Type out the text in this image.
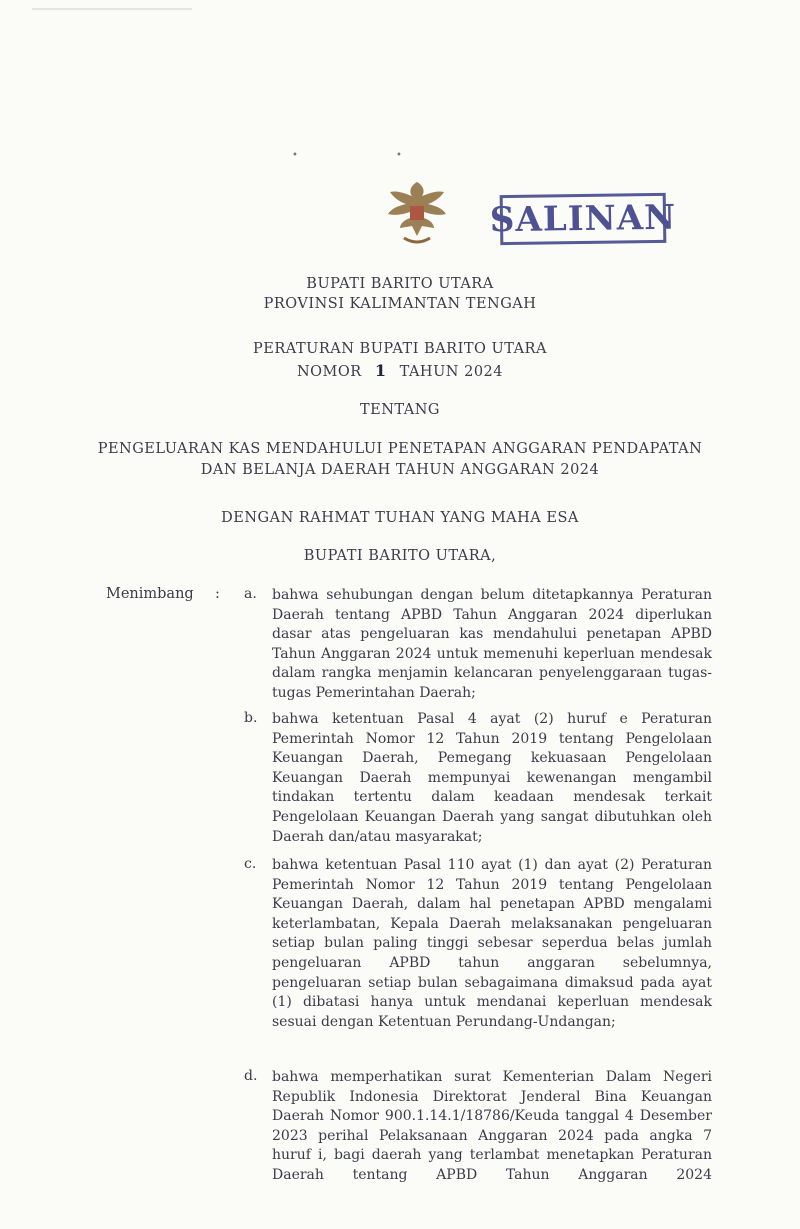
•	•
SALINAN
BUPATI BARITO UTARA
PROVINSI KALIMANTAN TENGAH
PERATURAN BUPATI BARITO UTARA
NOMOR 1 TAHUN 2024
TENTANG
PENGELUARAN KAS MENDAHULUI PENETAPAN ANGGARAN PENDAPATAN
DAN BELANJA DAERAH TAHUN ANGGARAN 2024
DENGAN RAHMAT TUHAN YANG MAHA ESA
BUPATI BARITO UTARA,
Menimbang : a. bahwa sehubungan dengan belum ditetapkannya Peraturan Daerah tentang APBD Tahun Anggaran 2024 diperlukan dasar atas pengeluaran kas mendahului penetapan APBD Tahun Anggaran 2024 untuk memenuhi keperluan mendesak dalam rangka menjamin kelancaran penyelenggaraan tugas-tugas Pemerintahan Daerah;
b. bahwa ketentuan Pasal 4 ayat (2) huruf e Peraturan Pemerintah Nomor 12 Tahun 2019 tentang Pengelolaan Keuangan Daerah, Pemegang kekuasaan Pengelolaan Keuangan Daerah mempunyai kewenangan mengambil tindakan tertentu dalam keadaan mendesak terkait Pengelolaan Keuangan Daerah yang sangat dibutuhkan oleh Daerah dan/atau masyarakat;
c. bahwa ketentuan Pasal 110 ayat (1) dan ayat (2) Peraturan Pemerintah Nomor 12 Tahun 2019 tentang Pengelolaan Keuangan Daerah, dalam hal penetapan APBD mengalami keterlambatan, Kepala Daerah melaksanakan pengeluaran setiap bulan paling tinggi sebesar seperdua belas jumlah pengeluaran APBD tahun anggaran sebelumnya, pengeluaran setiap bulan sebagaimana dimaksud pada ayat (1) dibatasi hanya untuk mendanai keperluan mendesak sesuai dengan Ketentuan Perundang-Undangan;
d. bahwa memperhatikan surat Kementerian Dalam Negeri Republik Indonesia Direktorat Jenderal Bina Keuangan Daerah Nomor 900.1.14.1/18786/Keuda tanggal 4 Desember 2023 perihal Pelaksanaan Anggaran 2024 pada angka 7 huruf i, bagi daerah yang terlambat menetapkan Peraturan Daerah tentang APBD Tahun Anggaran 2024
